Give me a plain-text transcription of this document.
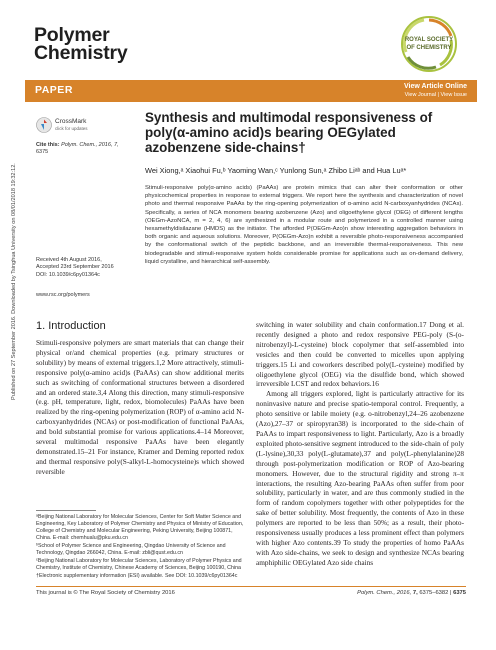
Polymer
Chemistry
ROYAL SOCIETY
OF CHEMISTRY
PAPER	View Article Online
View Journal | View Issue
Published on 27 September 2016. Downloaded by Tsinghua University on 08/01/2018 19:32:12.
CrossMark
click for updates
Cite this: Polym. Chem., 2016, 7,
6375
Received 4th August 2016,
Accepted 23rd September 2016
DOI: 10.1039/c6py01364c
www.rsc.org/polymers
Synthesis and multimodal responsiveness of poly(α-amino acid)s bearing OEGylated azobenzene side-chains†
Wei Xiong,ᵃ Xiaohui Fu,ᵇ Yaoming Wan,ᶜ Yunlong Sun,ᵃ Zhibo Liᵃᵇ and Hua Luᵃ*
Stimuli-responsive poly(α-amino acids) (PaAAs) are protein mimics that can alter their conformation or other physicochemical properties in response to external triggers. We report here the synthesis and characterization of novel photo and thermal responsive PaAAs by the ring-opening polymerization of α-amino acid N-carboxyanhydrides (NCAs). Specifically, a series of NCA monomers bearing azobenzene (Azo) and oligoethylene glycol (OEG) of different lengths (OEGm-AzoNCA, m = 2, 4, 6) are synthesized in a modular route and polymerized in a controlled manner using hexamethyldisilazane (HMDS) as the initiator. The afforded P(OEGm-Azo)n show interesting aggregation behaviors in both organic and aqueous solutions. Moreover, P(OEGm-Azo)n exhibit a reversible photo-responsiveness accompanied by the conformational switch of the peptidic backbone, and an irreversible thermal-responsiveness. This new biodegradable and stimuli-responsive system holds considerable promise for applications such as on-demand delivery, liquid crystalline, and hierarchical self-assembly.
1. Introduction

Stimuli-responsive polymers are smart materials that can change their physical or/and chemical properties (e.g. primary structures or solubility) by means of external triggers.1,2 More attractively, stimuli-responsive poly(α-amino acid)s (PaAAs) can show additional merits such as switching of conformational structures between a disordered and an ordered state.3,4 Along this direction, many stimuli-responsive (e.g. pH, temperature, light, redox, biomolecules) PaAAs have been realized by the ring-opening polymerization (ROP) of α-amino acid N-carboxyanhydrides (NCAs) or post-modification of functional PaAAs, and bold substantial promise for various applications.4–14 Moreover, several multimodal responsive PaAAs have been elegantly demonstrated.15–21 For instance, Kramer and Deming reported redox and thermal responsive poly(S-alkyl-L-homocysteine)s which showed reversible

switching in water solubility and chain conformation.17 Dong et al. recently designed a photo and redox responsive PEG-poly (S-(o-nitrobenzyl)-L-cysteine) block copolymer that self-assembled into vesicles and then could be converted to micelles upon applying triggers.15 Li and coworkers described poly(L-cysteine) modified by oligoethylene glycol (OEG) via the disulfide bond, which showed irreversible LCST and redox behaviors.16

Among all triggers explored, light is particularly attractive for its noninvasive nature and precise spatio-temporal control. Frequently, a photo sensitive or labile moiety (e.g. o-nitrobenzyl,24–26 azobenzene (Azo),27–37 or spiropyran38) is incorporated to the side-chain of PaAAs to impart responsiveness to light. Particularly, Azo is a broadly exploited photo-sensitive segment introduced to the side-chain of poly (L-lysine),30,33 poly(L-glutamate),37 and poly(L-phenylalanine)28 through post-polymerization modification or ROP of Azo-bearing monomers. However, due to the structural rigidity and strong π–π interactions, the resulting Azo-bearing PaAAs often suffer from poor solubility, particularly in water, and are thus commonly studied in the form of random copolymers together with other polypeptides for the sake of better solubility. Most frequently, the contents of Azo in these polymers are reported to be less than 50%; as a result, their photo-responsiveness usually produces a less prominent effect than polymers with higher Azo contents.39 To study the properties of homo PaAAs with Azo side-chains, we seek to design and synthesize NCAs bearing amphiphilic OEGylated Azo side chains

ᵃBeijing National Laboratory for Molecular Sciences, Center for Soft Matter Science and Engineering, Key Laboratory of Polymer Chemistry and Physics of Ministry of Education, College of Chemistry and Molecular Engineering, Peking University, Beijing 100871, China. E-mail: chemhualu@pku.edu.cn

ᵇSchool of Polymer Science and Engineering, Qingdao University of Science and Technology, Qingdao 266042, China. E-mail: zbli@qust.edu.cn

ᶜBeijing National Laboratory for Molecular Sciences, Laboratory of Polymer Physics and Chemistry, Institute of Chemistry, Chinese Academy of Sciences, Beijing 100190, China

†Electronic supplementary information (ESI) available. See DOI: 10.1039/c6py01364c

This journal is © The Royal Society of Chemistry 2016	Polym. Chem., 2016, 7, 6375–6382 | 6375
